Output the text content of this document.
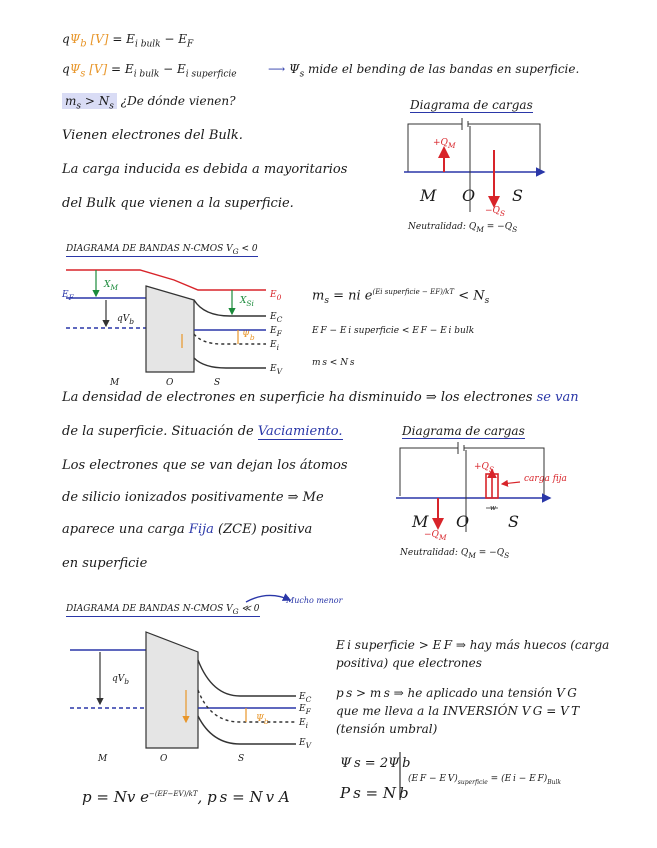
$q\Psi_b$ $[V] = E_{i bulk} - E_F$
$q\Psi_s$ $[V] = E_{i bulk} - E_{i superficie}$	⟶ $\Psi_s$ mide el bending de las bandas en superficie.
$m_s > N_s$ ¿De dónde vienen?
Vienen electrones del Bulk.
La carga inducida es debida a mayoritarios
del Bulk que vienen a la superficie.
Diagrama de cargas
$+Q_M$
$-Q_S$
M O S
Neutralidad: $Q_M = -Q_S$
DIAGRAMA DE BANDAS N-CMOS $V_G < 0$
$E_F$
$X_M$
$X_{Si}$
$qV_b$
$E_0$
$E_C$
$E_F$
$E_i$
$E_V$
$\Psi_b$
M	O	S
$m_s$ = ni $e^{(Ei superficie - EF)/kT} < N_s$
E F − E i superficie < E F − E i bulk
m s < N s
La densidad de electrones en superficie ha disminuido ⇒ los electrones se van
de la superficie. Situación de Vaciamiento.
Los electrones que se van dejan los átomos
de silicio ionizados positivamente ⇒ Me
aparece una carga Fija (ZCE) positiva
en superficie
Diagrama de cargas
$+Q_S$
carga fija
$-Q_M$
w
M O S
Neutralidad: $Q_M = -Q_S$
DIAGRAMA DE BANDAS N-CMOS $V_G$ ≪ 0
Mucho menor
$qV_b$
$\Psi_b$
$E_C$
$E_F$
$E_i$
$E_V$
M	O	S
E i superficie > E F ⇒ hay más huecos (carga
positiva) que electrones
p s > m s ⇒ he aplicado una tensión V G
que me lleva a la INVERSIÓN V G = V T
(tensión umbral)
Ψ s = 2Ψ b
P s = N b
(E F − E $V)_{superficie} = (E$ i − E $F)_{Bulk}$
p = Nv $e^{-(EF-EV)/kT}$, p s = N v A
